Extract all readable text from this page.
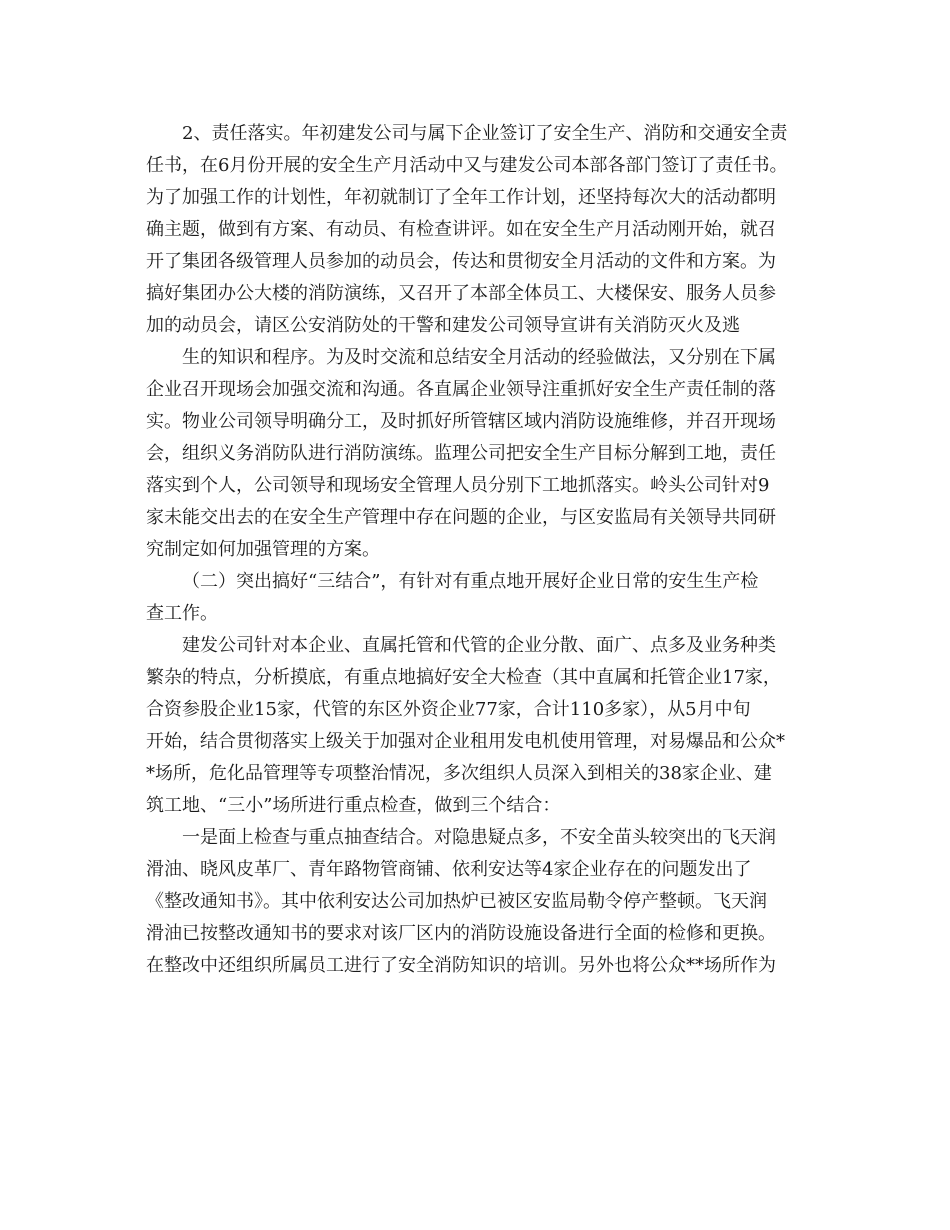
2、责任落实。年初建发公司与属下企业签订了安全生产、消防和交通安全责
任书，在6月份开展的安全生产月活动中又与建发公司本部各部门签订了责任书。
为了加强工作的计划性，年初就制订了全年工作计划，还坚持每次大的活动都明
确主题，做到有方案、有动员、有检查讲评。如在安全生产月活动刚开始，就召
开了集团各级管理人员参加的动员会，传达和贯彻安全月活动的文件和方案。为
搞好集团办公大楼的消防演练，又召开了本部全体员工、大楼保安、服务人员参
加的动员会，请区公安消防处的干警和建发公司领导宣讲有关消防灭火及逃
生的知识和程序。为及时交流和总结安全月活动的经验做法，又分别在下属
企业召开现场会加强交流和沟通。各直属企业领导注重抓好安全生产责任制的落
实。物业公司领导明确分工，及时抓好所管辖区域内消防设施维修，并召开现场
会，组织义务消防队进行消防演练。监理公司把安全生产目标分解到工地，责任
落实到个人，公司领导和现场安全管理人员分别下工地抓落实。岭头公司针对9
家未能交出去的在安全生产管理中存在问题的企业，与区安监局有关领导共同研
究制定如何加强管理的方案。
（二）突出搞好“三结合”，有针对有重点地开展好企业日常的安生生产检
查工作。
建发公司针对本企业、直属托管和代管的企业分散、面广、点多及业务种类
繁杂的特点，分析摸底，有重点地搞好安全大检查（其中直属和托管企业17家，
合资参股企业15家，代管的东区外资企业77家，合计110多家），从5月中旬
开始，结合贯彻落实上级关于加强对企业租用发电机使用管理，对易爆品和公众*
*场所，危化品管理等专项整治情况，多次组织人员深入到相关的38家企业、建
筑工地、“三小”场所进行重点检查，做到三个结合：
一是面上检查与重点抽查结合。对隐患疑点多，不安全苗头较突出的飞天润
滑油、晓风皮革厂、青年路物管商铺、依利安达等4家企业存在的问题发出了
《整改通知书》。其中依利安达公司加热炉已被区安监局勒令停产整顿。飞天润
滑油已按整改通知书的要求对该厂区内的消防设施设备进行全面的检修和更换。
在整改中还组织所属员工进行了安全消防知识的培训。另外也将公众**场所作为
